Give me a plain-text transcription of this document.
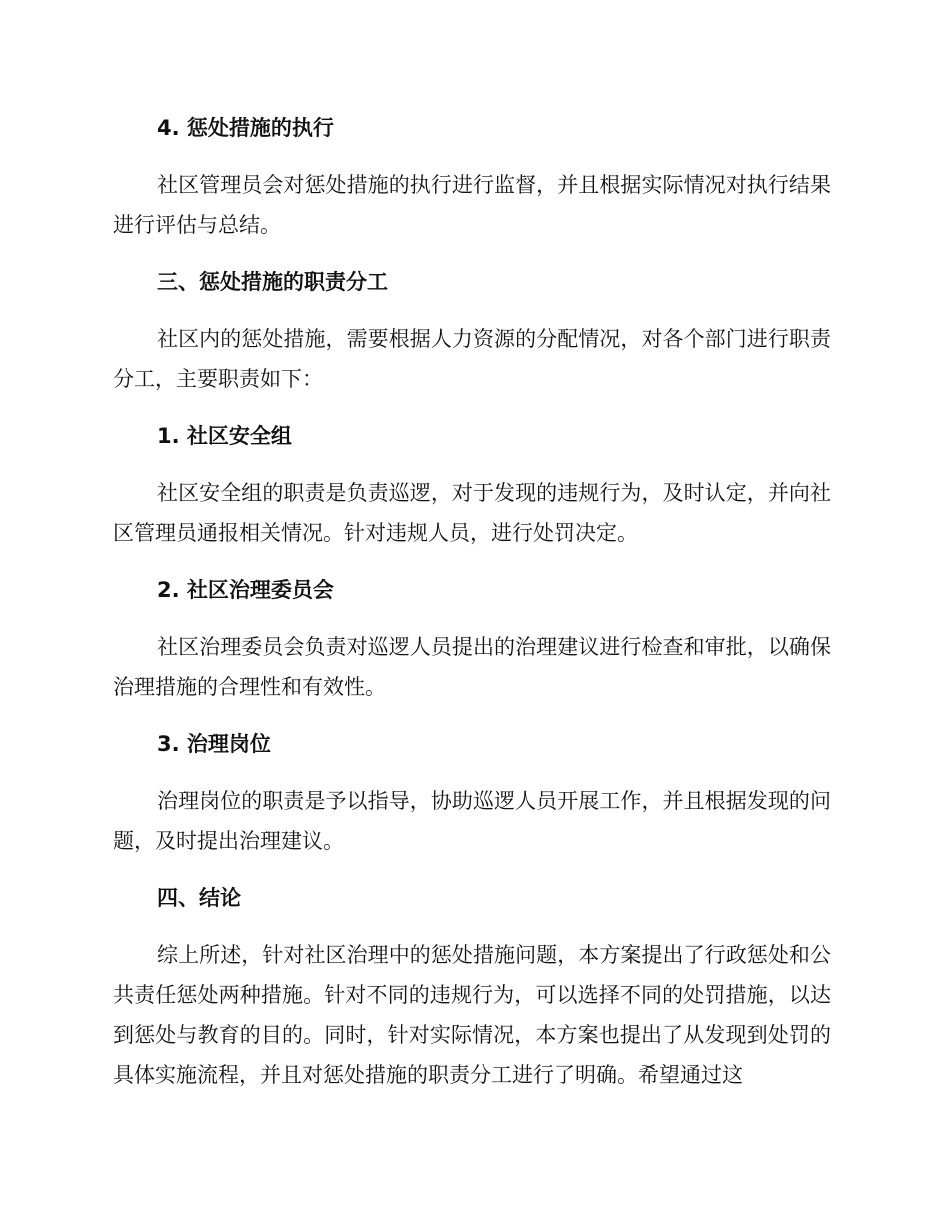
4. 惩处措施的执行

社区管理员会对惩处措施的执行进行监督，并且根据实际情况对执行结果进行评估与总结。

三、惩处措施的职责分工

社区内的惩处措施，需要根据人力资源的分配情况，对各个部门进行职责分工，主要职责如下：

1. 社区安全组

社区安全组的职责是负责巡逻，对于发现的违规行为，及时认定，并向社区管理员通报相关情况。针对违规人员，进行处罚决定。

2. 社区治理委员会

社区治理委员会负责对巡逻人员提出的治理建议进行检查和审批，以确保治理措施的合理性和有效性。

3. 治理岗位

治理岗位的职责是予以指导，协助巡逻人员开展工作，并且根据发现的问题，及时提出治理建议。

四、结论

综上所述，针对社区治理中的惩处措施问题，本方案提出了行政惩处和公共责任惩处两种措施。针对不同的违规行为，可以选择不同的处罚措施，以达到惩处与教育的目的。同时，针对实际情况，本方案也提出了从发现到处罚的具体实施流程，并且对惩处措施的职责分工进行了明确。希望通过这
